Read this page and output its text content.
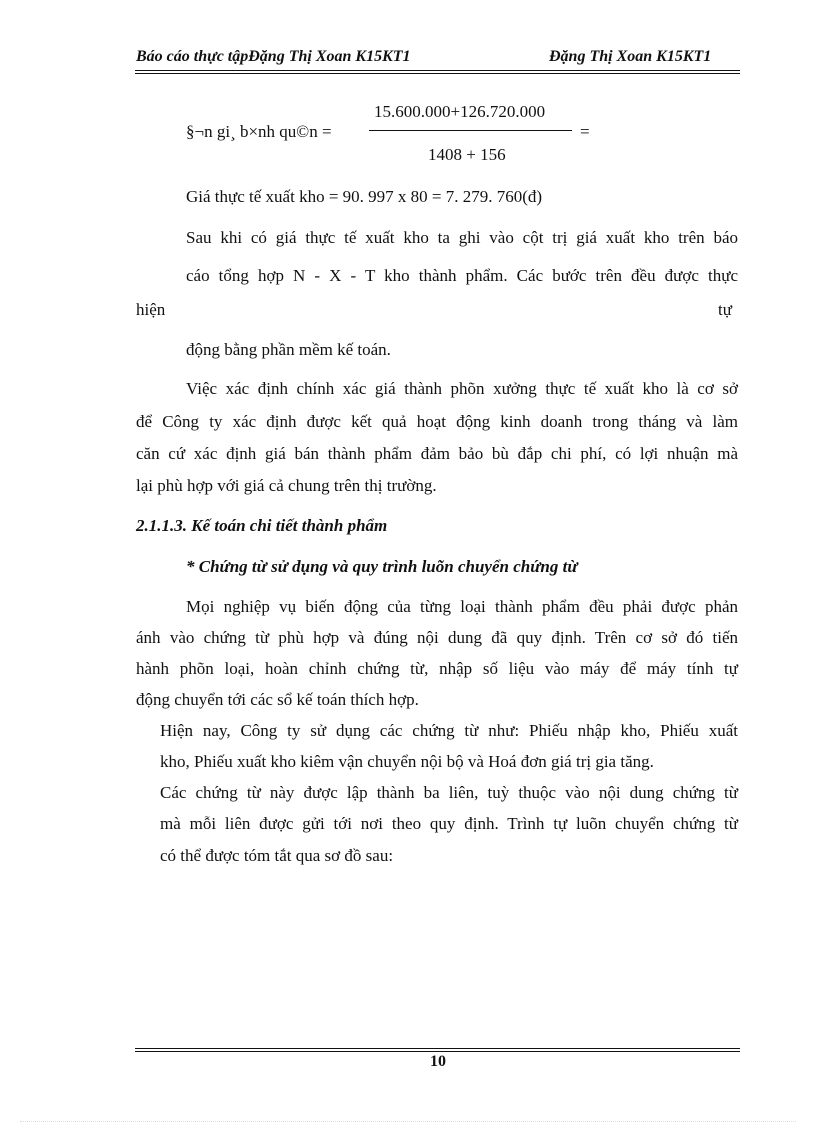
Báo cáo thực tậpĐặng Thị Xoan K15KT1	Đặng Thị Xoan K15KT1
§¬n gi¸ b×nh qu©n =
15.600.000+126.720.000
=
1408 + 156
Giá thực tế xuất kho = 90. 997 x 80 = 7. 279. 760(đ)
Sau khi có giá thực tế xuất kho ta ghi vào cột trị giá xuất kho trên báo
cáo tổng hợp N - X - T kho thành phẩm. Các bước trên đều được thực
hiện	tự
động bằng phần mềm kế toán.
Việc xác định chính xác giá thành phõn xưởng thực tế xuất kho là cơ sở
để Công ty xác định được kết quả hoạt động kinh doanh trong tháng và làm
căn cứ xác định giá bán thành phẩm đảm bảo bù đắp chi phí, có lợi nhuận mà
lại phù hợp với giá cả chung trên thị trường.
2.1.1.3. Kế toán chi tiết thành phẩm
* Chứng từ sử dụng và quy trình luõn chuyển chứng từ
Mọi nghiệp vụ biến động của từng loại thành phẩm đều phải được phản
ánh vào chứng từ phù hợp và đúng nội dung đã quy định. Trên cơ sở đó tiến
hành phõn loại, hoàn chỉnh chứng từ, nhập số liệu vào máy để máy tính tự
động chuyển tới các sổ kế toán thích hợp.
Hiện nay, Công ty sử dụng các chứng từ như: Phiếu nhập kho, Phiếu xuất
kho, Phiếu xuất kho kiêm vận chuyển nội bộ và Hoá đơn giá trị gia tăng.
Các chứng từ này được lập thành ba liên, tuỳ thuộc vào nội dung chứng từ
mà mỗi liên được gửi tới nơi theo quy định. Trình tự luõn chuyển chứng từ
có thể được tóm tắt qua sơ đồ sau:
10
